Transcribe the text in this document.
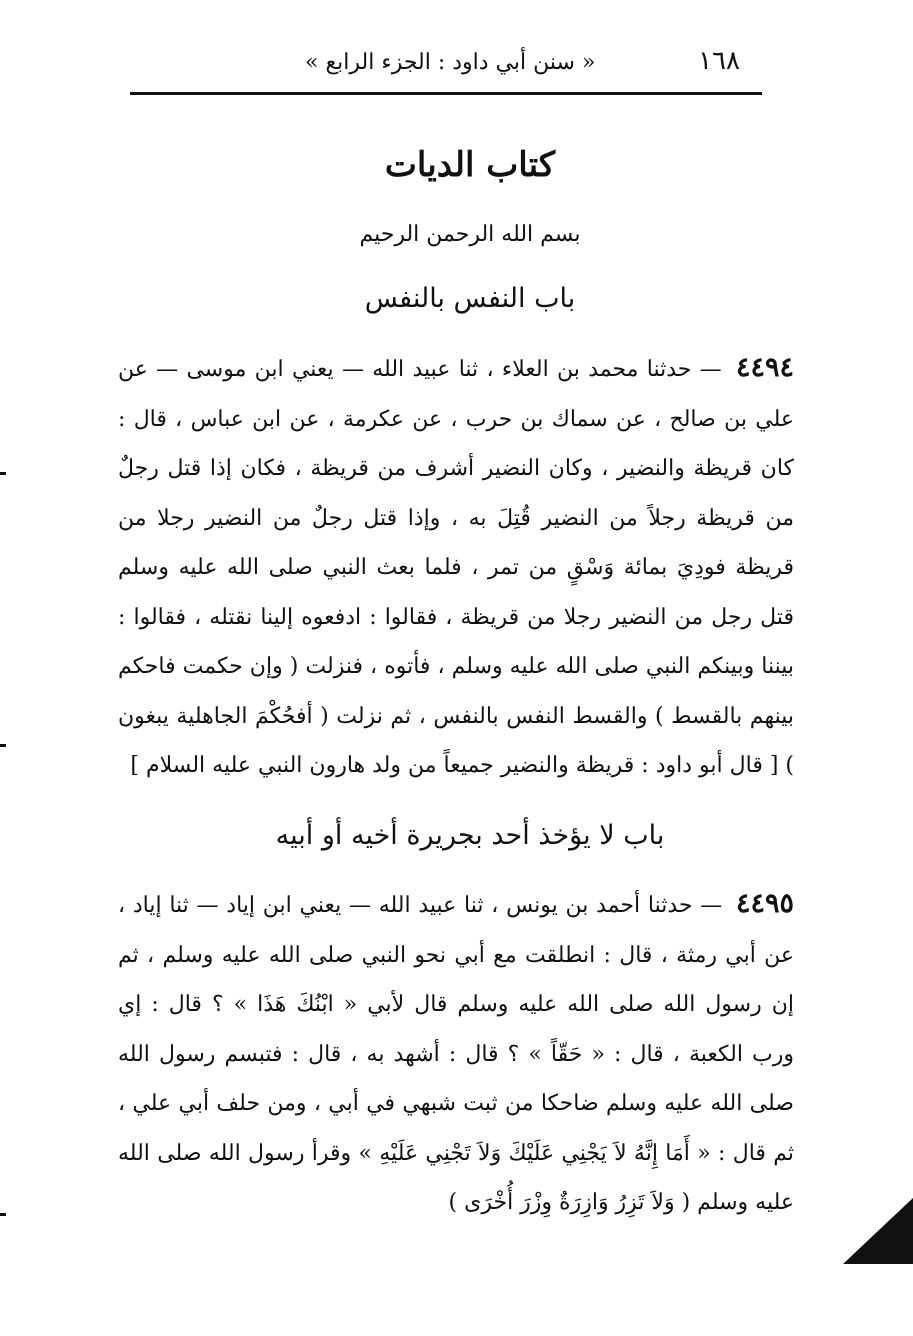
١٦٨
« سنن أبي داود : الجزء الرابع »
كتاب الديات
بسم الله الرحمن الرحيم
باب النفس بالنفس
٤٤٩٤ — حدثنا محمد بن العلاء ، ثنا عبيد الله — يعني ابن موسى — عن علي بن صالح ، عن سماك بن حرب ، عن عكرمة ، عن ابن عباس ، قال : كان قريظة والنضير ، وكان النضير أشرف من قريظة ، فكان إذا قتل رجلٌ من قريظة رجلاً من النضير قُتِلَ به ، وإذا قتل رجلٌ من النضير رجلا من قريظة فودِيَ بمائة وَسْقٍ من تمر ، فلما بعث النبي صلى الله عليه وسلم قتل رجل من النضير رجلا من قريظة ، فقالوا : ادفعوه إلينا نقتله ، فقالوا : بيننا وبينكم النبي صلى الله عليه وسلم ، فأتوه ، فنزلت ( وإن حكمت فاحكم بينهم بالقسط ) والقسط النفس بالنفس ، ثم نزلت ( أفحُكْمَ الجاهلية يبغون ) [ قال أبو داود : قريظة والنضير جميعاً من ولد هارون النبي عليه السلام ]
باب لا يؤخذ أحد بجريرة أخيه أو أبيه
٤٤٩٥ — حدثنا أحمد بن يونس ، ثنا عبيد الله — يعني ابن إياد — ثنا إياد ، عن أبي رمثة ، قال : انطلقت مع أبي نحو النبي صلى الله عليه وسلم ، ثم إن رسول الله صلى الله عليه وسلم قال لأبي « ابْنُكَ هَذَا » ؟ قال : إي ورب الكعبة ، قال : « حَقّاً » ؟ قال : أشهد به ، قال : فتبسم رسول الله صلى الله عليه وسلم ضاحكا من ثبت شبهي في أبي ، ومن حلف أبي علي ، ثم قال : « أَمَا إِنَّهُ لاَ يَجْنِي عَلَيْكَ وَلاَ تَجْنِي عَلَيْهِ » وقرأ رسول الله صلى الله عليه وسلم ( وَلاَ تَزِرُ وَازِرَةٌ وِزْرَ أُخْرَى )
